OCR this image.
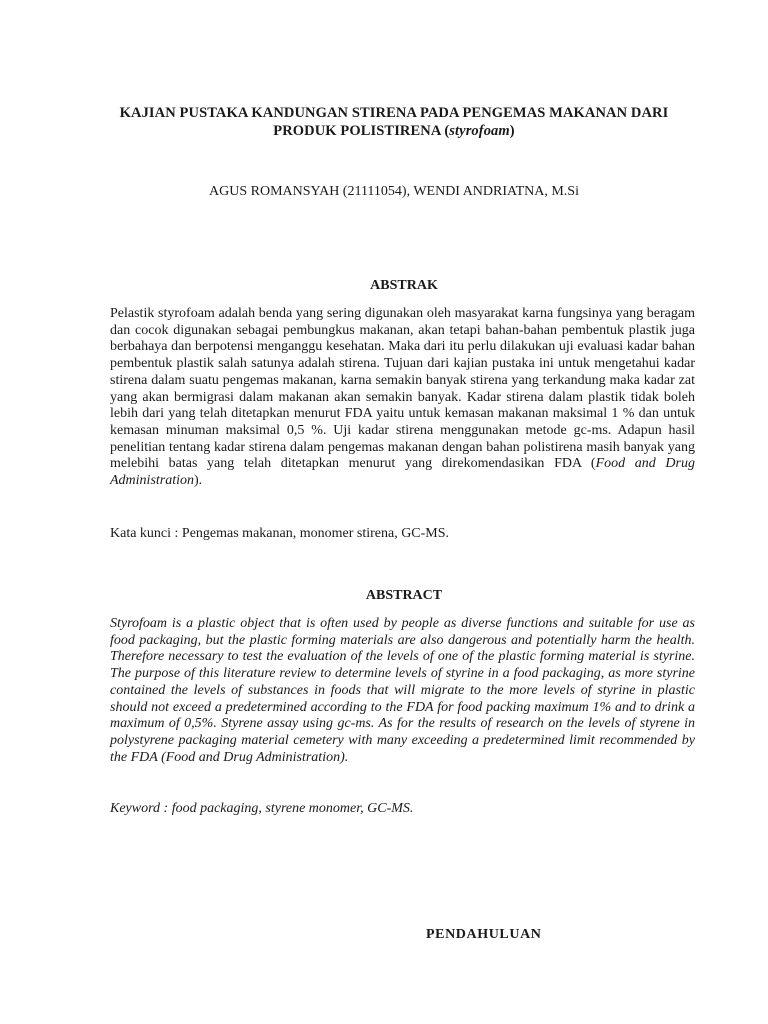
KAJIAN PUSTAKA KANDUNGAN STIRENA PADA PENGEMAS MAKANAN DARI
PRODUK POLISTIRENA (styrofoam)
AGUS ROMANSYAH (21111054), WENDI ANDRIATNA, M.Si
ABSTRAK
Pelastik styrofoam adalah benda yang sering digunakan oleh masyarakat karna fungsinya yang beragam dan cocok digunakan sebagai pembungkus makanan, akan tetapi bahan-bahan pembentuk plastik juga berbahaya dan berpotensi menganggu kesehatan. Maka dari itu perlu dilakukan uji evaluasi kadar bahan pembentuk plastik salah satunya adalah stirena. Tujuan dari kajian pustaka ini untuk mengetahui kadar stirena dalam suatu pengemas makanan, karna semakin banyak stirena yang terkandung maka kadar zat yang akan bermigrasi dalam makanan akan semakin banyak. Kadar stirena dalam plastik tidak boleh lebih dari yang telah ditetapkan menurut FDA yaitu untuk kemasan makanan maksimal 1 % dan untuk kemasan minuman maksimal 0,5 %. Uji kadar stirena menggunakan metode gc-ms. Adapun hasil penelitian tentang kadar stirena dalam pengemas makanan dengan bahan polistirena masih banyak yang melebihi batas yang telah ditetapkan menurut yang direkomendasikan FDA (Food and Drug Administration).
Kata kunci : Pengemas makanan, monomer stirena, GC-MS.
ABSTRACT
Styrofoam is a plastic object that is often used by people as diverse functions and suitable for use as food packaging, but the plastic forming materials are also dangerous and potentially harm the health. Therefore necessary to test the evaluation of the levels of one of the plastic forming material is styrine. The purpose of this literature review to determine levels of styrine in a food packaging, as more styrine contained the levels of substances in foods that will migrate to the more levels of styrine in plastic should not exceed a predetermined according to the FDA for food packing maximum 1% and to drink a maximum of 0,5%. Styrene assay using gc-ms. As for the results of research on the levels of styrene in polystyrene packaging material cemetery with many exceeding a predetermined limit recommended by the FDA (Food and Drug Administration).
Keyword : food packaging, styrene monomer, GC-MS.
PENDAHULUAN
